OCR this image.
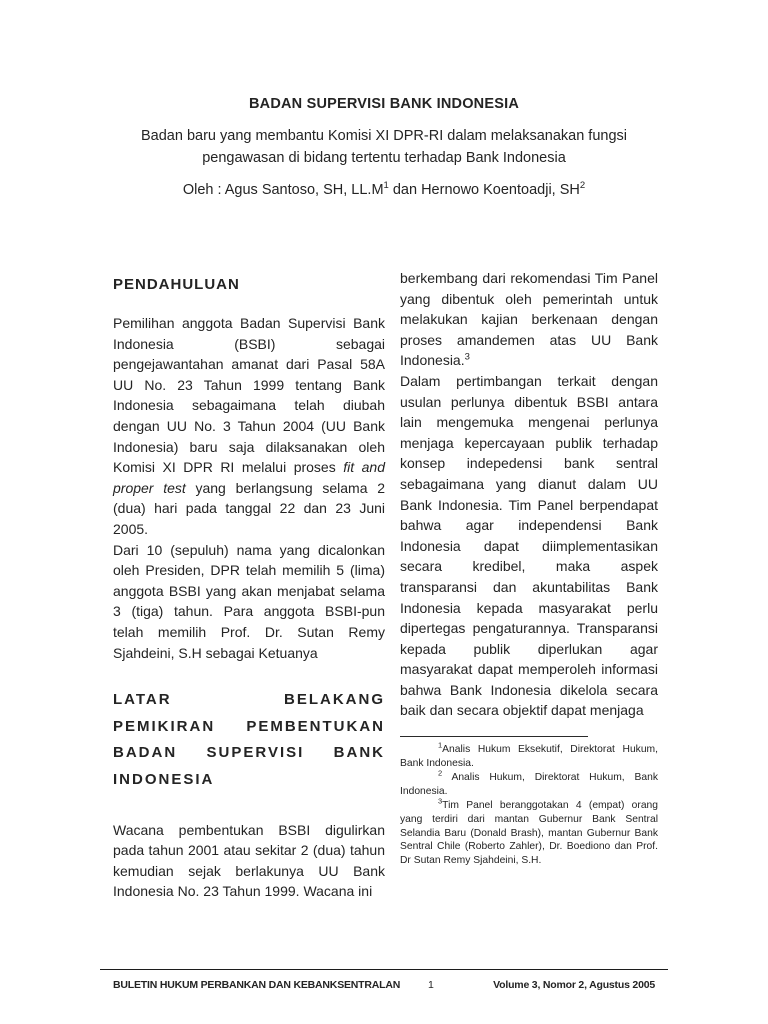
BADAN SUPERVISI BANK INDONESIA

Badan baru yang membantu Komisi XI DPR-RI dalam melaksanakan fungsi pengawasan di bidang tertentu terhadap Bank Indonesia

Oleh : Agus Santoso, SH, $LL.M^1$ dan Hernowo Koentoadji, $SH^2$

PENDAHULUAN

Pemilihan anggota Badan Supervisi Bank Indonesia (BSBI) sebagai pengejawantahan amanat dari Pasal 58A UU No. 23 Tahun 1999 tentang Bank Indonesia sebagaimana telah diubah dengan UU No. 3 Tahun 2004 (UU Bank Indonesia) baru saja dilaksanakan oleh Komisi XI DPR RI melalui proses fit and proper test yang berlangsung selama 2 (dua) hari pada tanggal 22 dan 23 Juni 2005.

Dari 10 (sepuluh) nama yang dicalonkan oleh Presiden, DPR telah memilih 5 (lima) anggota BSBI yang akan menjabat selama 3 (tiga) tahun. Para anggota BSBI-pun telah memilih Prof. Dr. Sutan Remy Sjahdeini, S.H sebagai Ketuanya

LATAR BELAKANG PEMIKIRAN PEMBENTUKAN BADAN SUPERVISI BANK INDONESIA

Wacana pembentukan BSBI digulirkan pada tahun 2001 atau sekitar 2 (dua) tahun kemudian sejak berlakunya UU Bank Indonesia No. 23 Tahun 1999. Wacana ini

berkembang dari rekomendasi Tim Panel yang dibentuk oleh pemerintah untuk melakukan kajian berkenaan dengan proses amandemen atas UU Bank Indonesia.$^3$

Dalam pertimbangan terkait dengan usulan perlunya dibentuk BSBI antara lain mengemuka mengenai perlunya menjaga kepercayaan publik terhadap konsep indepedensi bank sentral sebagaimana yang dianut dalam UU Bank Indonesia. Tim Panel berpendapat bahwa agar independensi Bank Indonesia dapat diimplementasikan secara kredibel, maka aspek transparansi dan akuntabilitas Bank Indonesia kepada masyarakat perlu dipertegas pengaturannya. Transparansi kepada publik diperlukan agar masyarakat dapat memperoleh informasi bahwa Bank Indonesia dikelola secara baik dan secara objektif dapat menjaga

$^1$Analis Hukum Eksekutif, Direktorat Hukum, Bank Indonesia.

$^2$ Analis Hukum, Direktorat Hukum, Bank Indonesia.

$^3$Tim Panel beranggotakan 4 (empat) orang yang terdiri dari mantan Gubernur Bank Sentral Selandia Baru (Donald Brash), mantan Gubernur Bank Sentral Chile (Roberto Zahler), Dr. Boediono dan Prof. Dr Sutan Remy Sjahdeini, S.H.

BULETIN HUKUM PERBANKAN DAN KEBANKSENTRALAN	1	Volume 3, Nomor 2, Agustus 2005
